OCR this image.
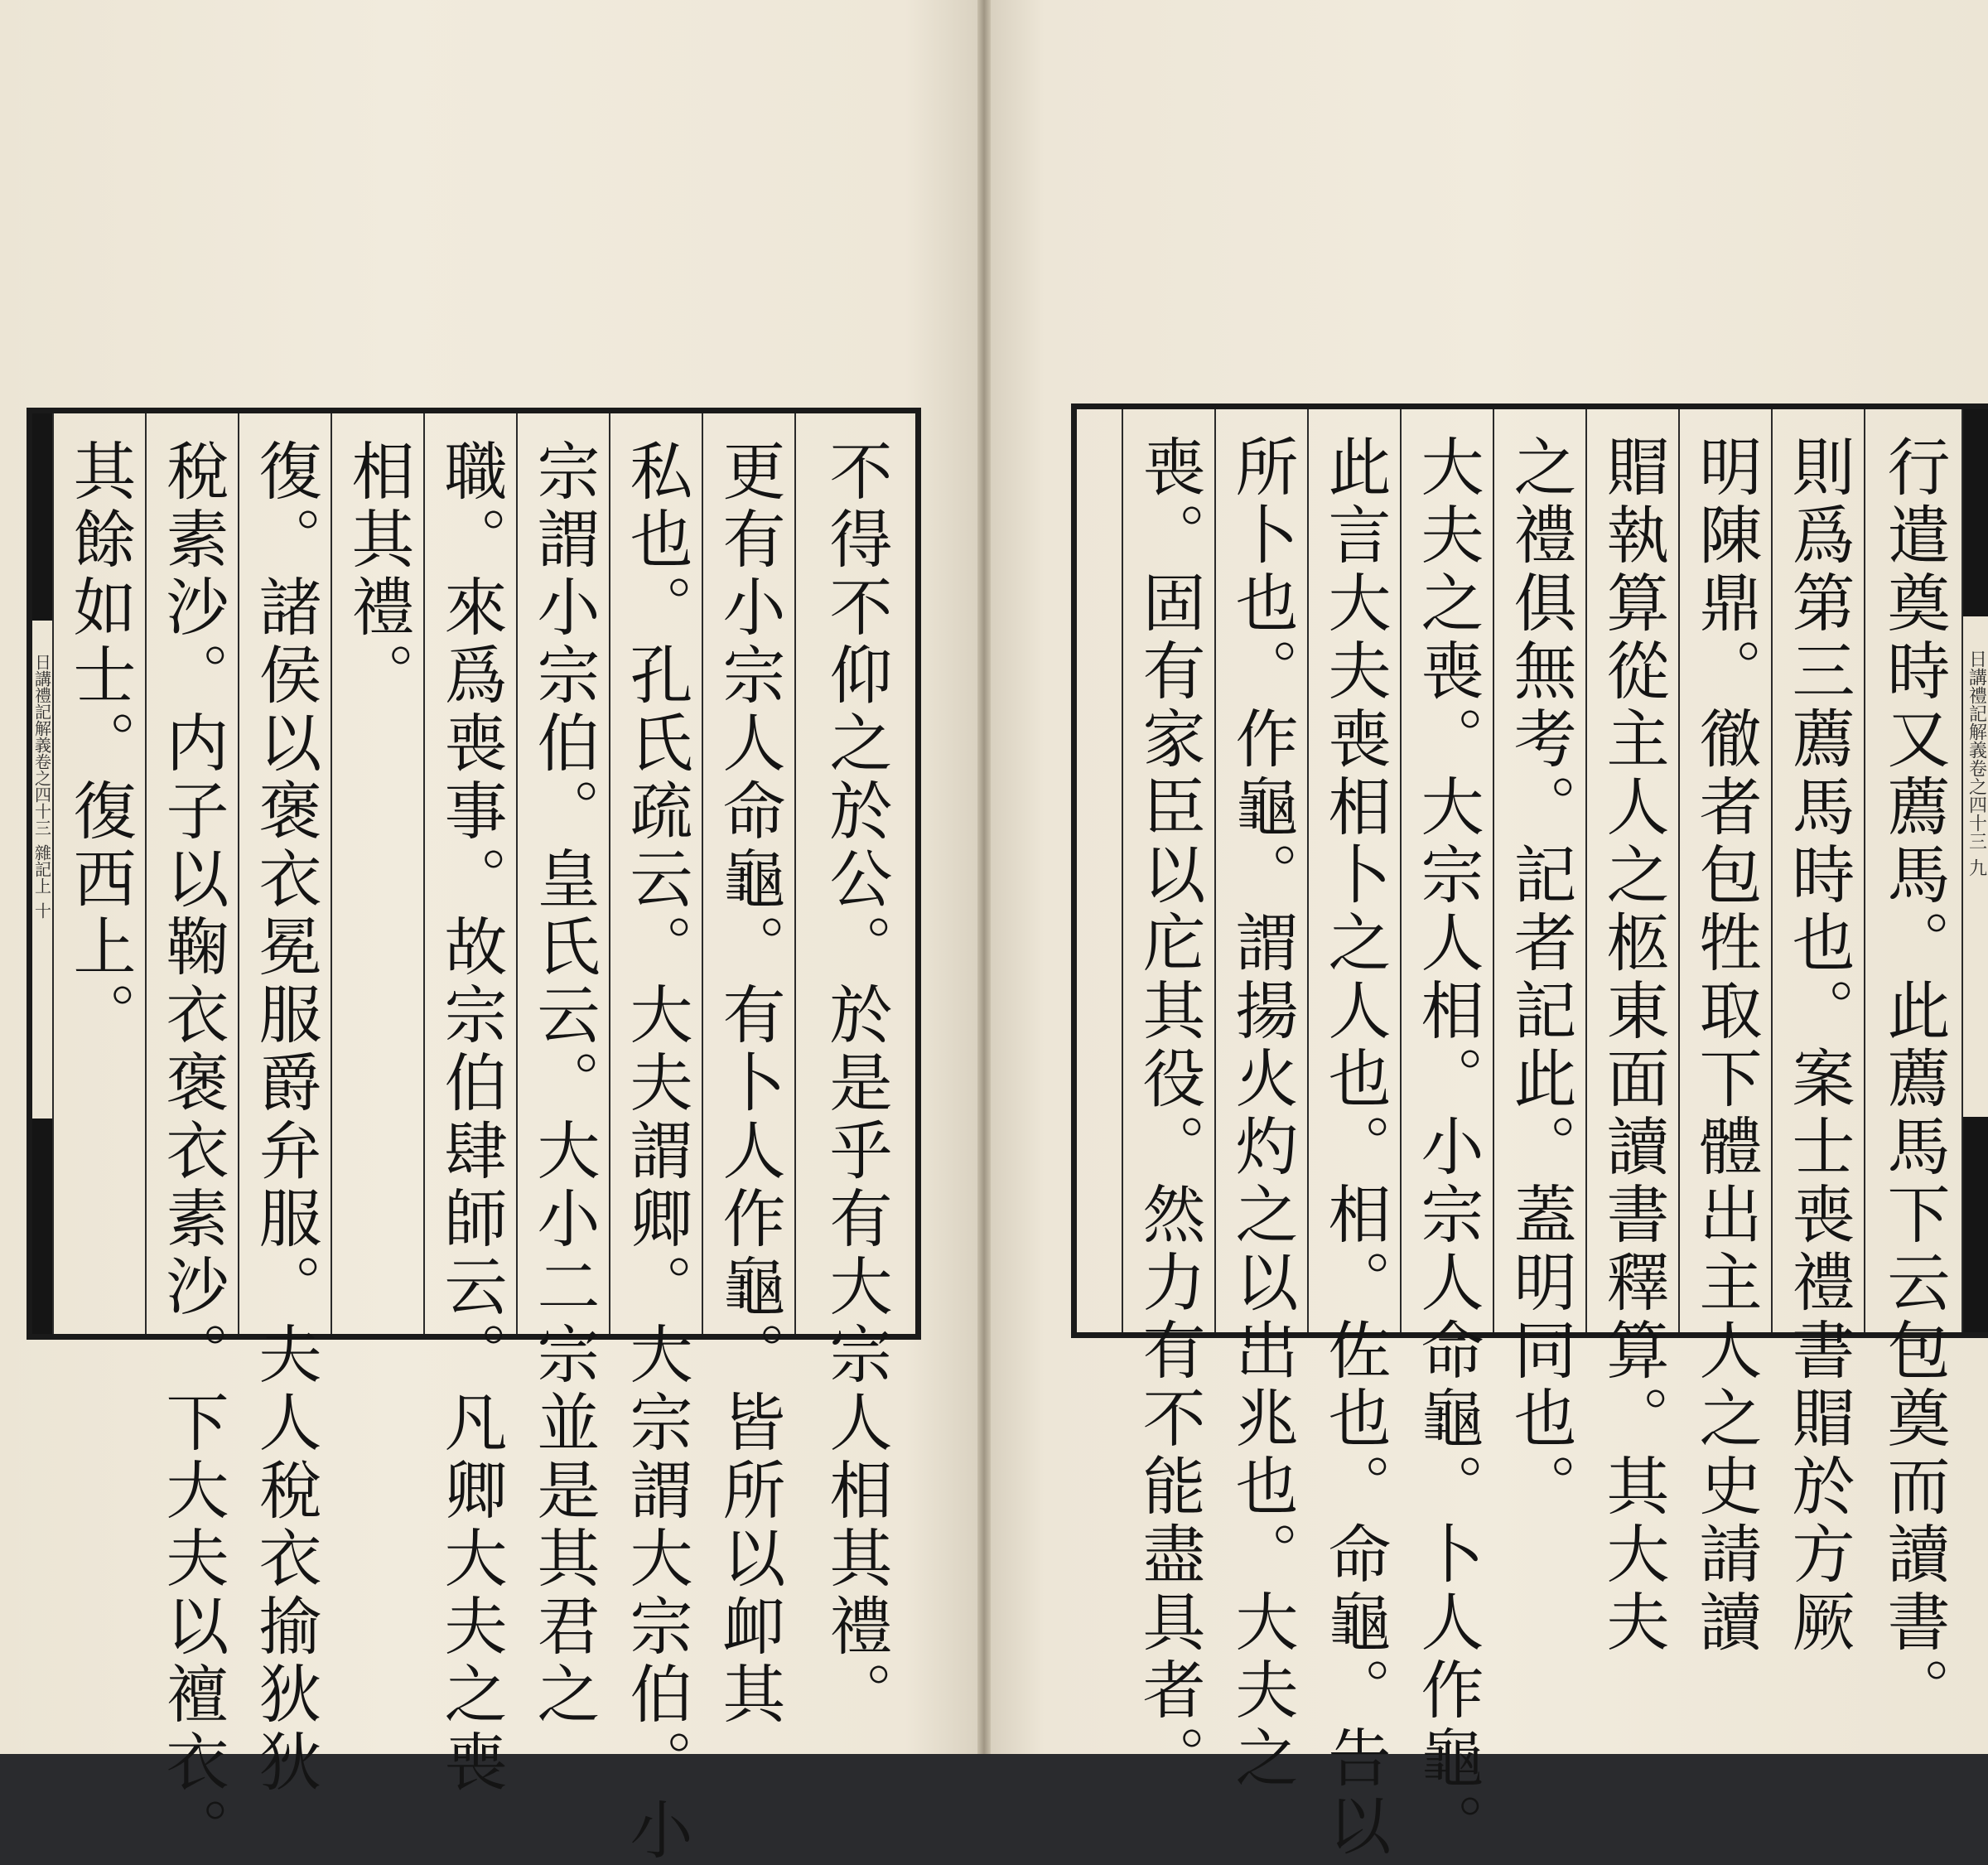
不得不仰之於公。於是乎有大宗人相其禮。
更有小宗人命龜。有卜人作龜。皆所以卹其
私也。孔氏疏云。大夫謂卿。大宗謂大宗伯。小
宗謂小宗伯。皇氏云。大小二宗並是其君之
職。來爲喪事。故宗伯肆師云。凡卿大夫之喪
相其禮。
復。諸侯以褒衣冕服爵弁服。夫人稅衣揄狄狄
稅素沙。内子以鞠衣褒衣素沙。下大夫以襢衣。
其餘如士。復西上。
日講禮記解義卷之四十三
雜記上
十	行遣奠時又薦馬。此薦馬下云包奠而讀書。
則爲第三薦馬時也。案士喪禮書賵於方厥
明陳鼎。徹者包牲取下體出主人之史請讀
賵執算從主人之柩東面讀書釋算。其大夫
之禮俱無考。記者記此。蓋明同也。
大夫之喪。大宗人相。小宗人命龜。卜人作龜。
此言大夫喪相卜之人也。相。佐也。命龜。告以
所卜也。作龜。謂揚火灼之以出兆也。大夫之
喪。固有家臣以庀其役。然力有不能盡具者。	日講禮記解義卷之四十三
九
